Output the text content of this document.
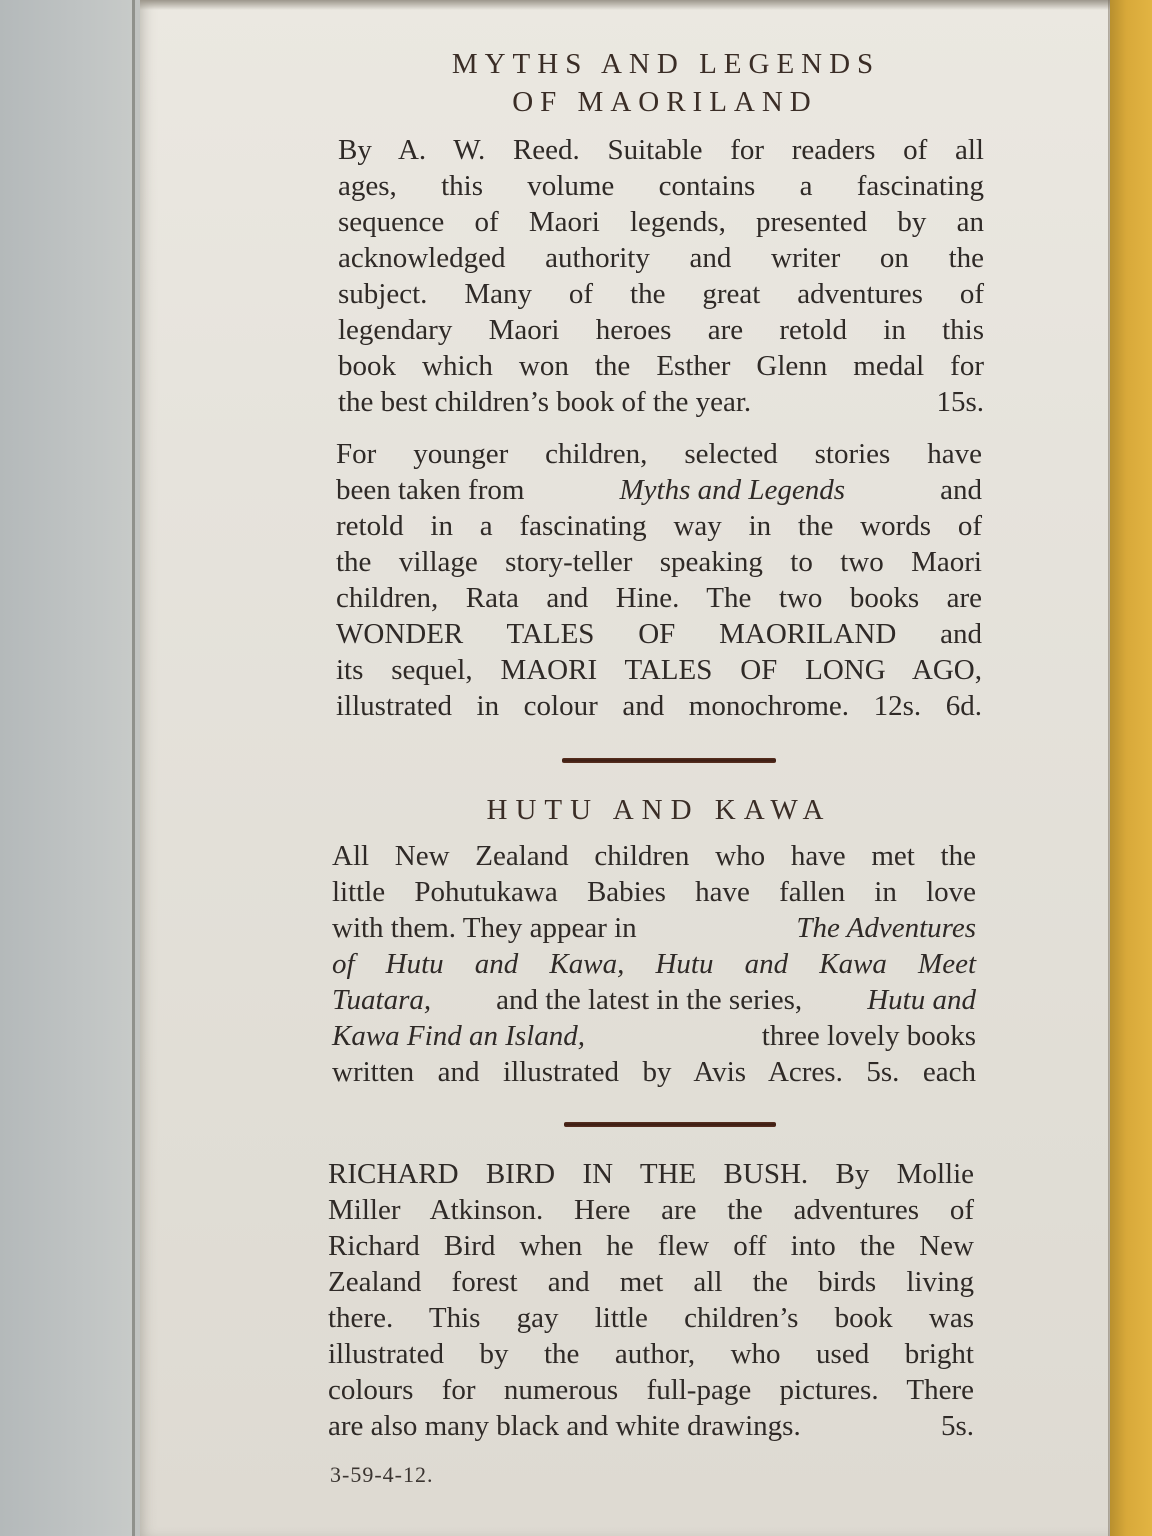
MYTHS AND LEGENDS
OF MAORILAND
By A. W. Reed. Suitable for readers of all
ages, this volume contains a fascinating
sequence of Maori legends, presented by an
acknowledged authority and writer on the
subject. Many of the great adventures of
legendary Maori heroes are retold in this
book which won the Esther Glenn medal for
the best children’s book of the year.	15s.
For younger children, selected stories have
been taken from	Myths and Legends	and
retold in a fascinating way in the words of
the village story-teller speaking to two Maori
children, Rata and Hine. The two books are
WONDER TALES OF MAORILAND and
its sequel, MAORI TALES OF LONG AGO,
illustrated in colour and monochrome. 12s. 6d.
HUTU AND KAWA
All New Zealand children who have met the
little Pohutukawa Babies have fallen in love
with them. They appear in	The Adventures
of Hutu and Kawa, Hutu and Kawa Meet
Tuatara, and the latest in the series, Hutu and
Kawa Find an Island,	three lovely books
written and illustrated by Avis Acres. 5s. each
RICHARD BIRD IN THE BUSH. By Mollie
Miller Atkinson. Here are the adventures of
Richard Bird when he flew off into the New
Zealand forest and met all the birds living
there. This gay little children’s book was
illustrated by the author, who used bright
colours for numerous full-page pictures. There
are also many black and white drawings.	5s.
3-59-4-12.
